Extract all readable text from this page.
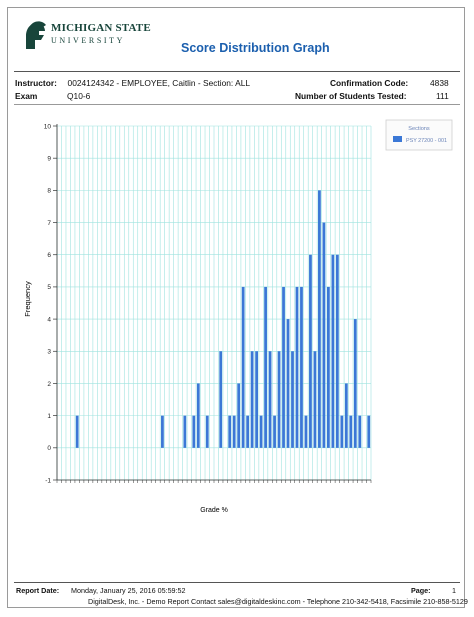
MICHIGAN STATE
UNIVERSITY
Score Distribution Graph
Instructor: 0024124342 - EMPLOYEE, Caitlin - Section: ALL
Exam	Q10-6
Confirmation Code:	4838
Number of Students Tested:	111
-1
0
1
2
3
4
5
6
7
8
9
10
Frequency
Grade %
Sections
PSY 27200 - 001
Report Date: Monday, January 25, 2016 05:59:52	Page:	1
DigitalDesk, Inc. - Demo Report Contact sales@digitaldeskinc.com - Telephone 210-342-5418, Facsimile 210-858-5129
